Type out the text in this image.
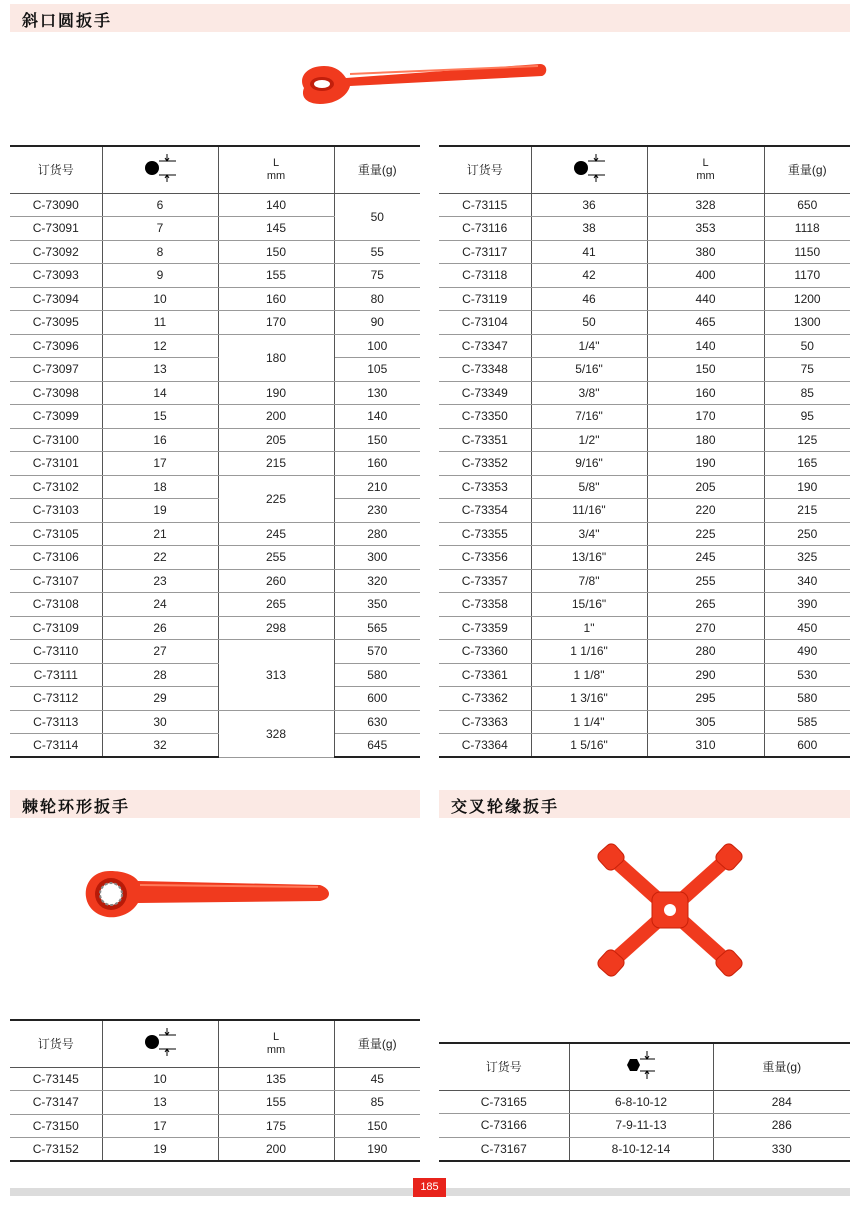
斜口圆扳手
订货号		L
mm	重量(g)
C-73090	6	140	50
C-73091	7	145	
C-73092	8	150	55
C-73093	9	155	75
C-73094	10	160	80
C-73095	11	170	90
C-73096	12	180	100
C-73097	13		105
C-73098	14	190	130
C-73099	15	200	140
C-73100	16	205	150
C-73101	17	215	160
C-73102	18	225	210
C-73103	19		230
C-73105	21	245	280
C-73106	22	255	300
C-73107	23	260	320
C-73108	24	265	350
C-73109	26	298	565
C-73110	27	313	570
C-73111	28		580
C-73112	29		600
C-73113	30	328	630
C-73114	32		645
订货号		L
mm	重量(g)
C-73115	36	328	650
C-73116	38	353	1118
C-73117	41	380	1150
C-73118	42	400	1170
C-73119	46	440	1200
C-73104	50	465	1300
C-73347	1/4"	140	50
C-73348	5/16"	150	75
C-73349	3/8"	160	85
C-73350	7/16"	170	95
C-73351	1/2"	180	125
C-73352	9/16"	190	165
C-73353	5/8"	205	190
C-73354	11/16"	220	215
C-73355	3/4"	225	250
C-73356	13/16"	245	325
C-73357	7/8"	255	340
C-73358	15/16"	265	390
C-73359	1"	270	450
C-73360	1 1/16"	280	490
C-73361	1 1/8"	290	530
C-73362	1 3/16"	295	580
C-73363	1 1/4"	305	585
C-73364	1 5/16"	310	600
棘轮环形扳手	交叉轮缘扳手
订货号		L
mm	重量(g)
C-73145	10	135	45
C-73147	13	155	85
C-73150	17	175	150
C-73152	19	200	190
订货号		重量(g)
C-73165	6-8-10-12	284
C-73166	7-9-11-13	286
C-73167	8-10-12-14	330
185
